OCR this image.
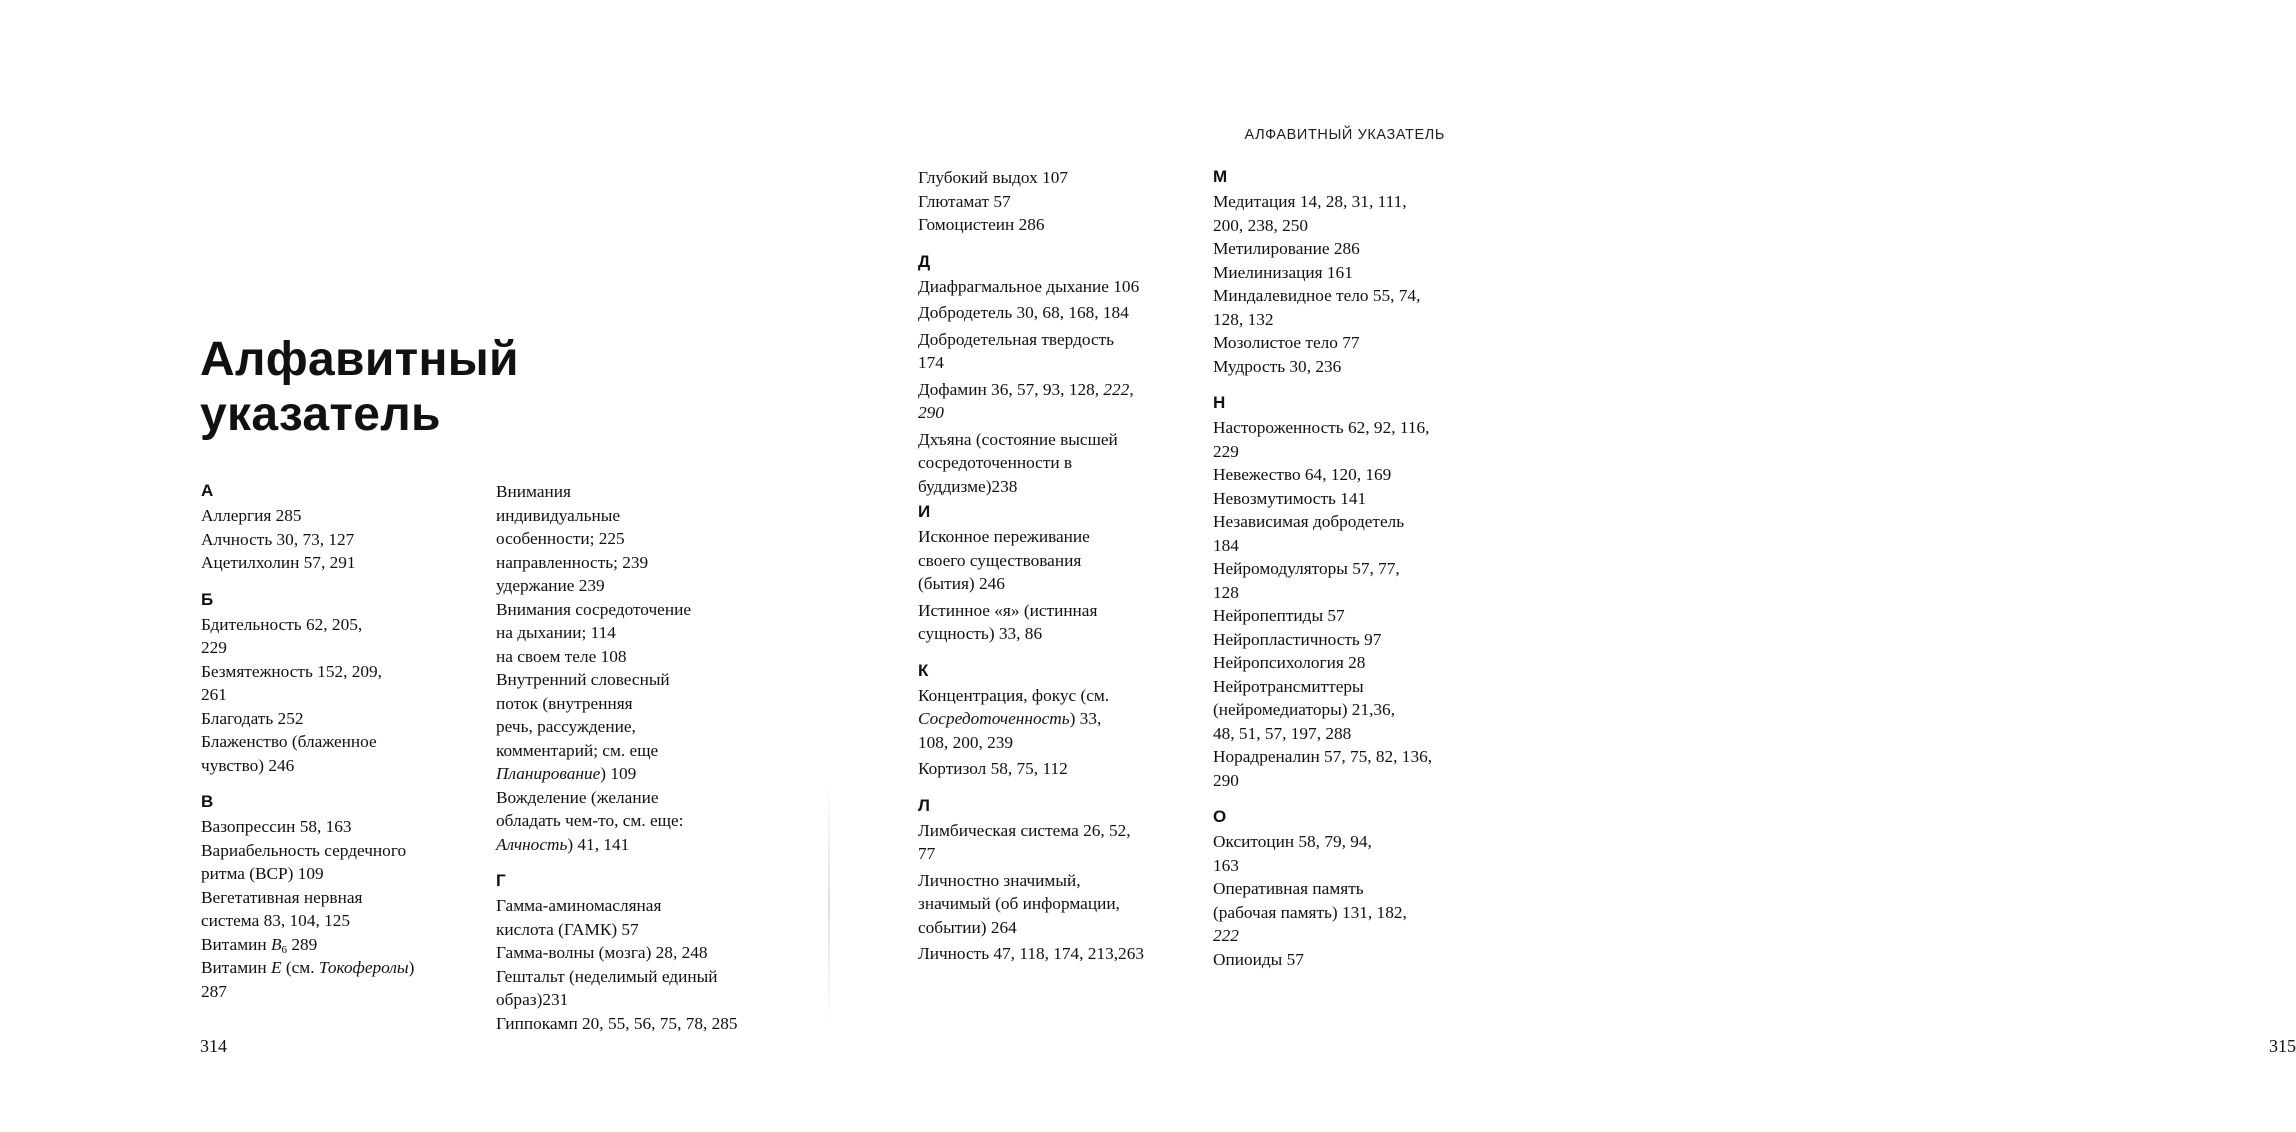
Алфавитный
указатель
А
Аллергия 285
Алчность 30, 73, 127
Ацетилхолин 57, 291
Б
Бдительность 62, 205,
229
Безмятежность 152, 209,
261
Благодать 252
Блаженство (блаженное
чувство) 246
В
Вазопрессин 58, 163
Вариабельность сердечного
ритма (ВСР) 109
Вегетативная нервная
система 83, 104, 125
Витамин $B_6$ 289
Витамин E (см. Токоферолы)
287
Внимания
индивидуальные
особенности; 225
направленность; 239
удержание 239
Внимания сосредоточение
на дыхании; 114
на своем теле 108
Внутренний словесный
поток (внутренняя
речь, рассуждение,
комментарий; см. еще
Планирование) 109
Вожделение (желание
обладать чем-то, см. еще:
Алчность) 41, 141
Г
Гамма-аминомасляная
кислота (ГАМК) 57
Гамма-волны (мозга) 28, 248
Гештальт (неделимый единый
образ)231
Гиппокамп 20, 55, 56, 75, 78, 285
314
АЛФАВИТНЫЙ УКАЗАТЕЛЬ
315
Глубокий выдох 107
Глютамат 57
Гомоцистеин 286
Д
Диафрагмальное дыхание 106
Добродетель 30, 68, 168, 184
Добродетельная твердость
174
Дофамин 36, 57, 93, 128, 222,
290
Дхъяна (состояние высшей
сосредоточенности в
буддизме)238
И
Исконное переживание
своего существования
(бытия) 246
Истинное «я» (истинная
сущность) 33, 86
К
Концентрация, фокус (см.
Сосредоточенность) 33,
108, 200, 239
Кортизол 58, 75, 112
Л
Лимбическая система 26, 52,
77
Личностно значимый,
значимый (об информации,
событии) 264
Личность 47, 118, 174, 213,263
М
Медитация 14, 28, 31, 111,
200, 238, 250
Метилирование 286
Миелинизация 161
Миндалевидное тело 55, 74,
128, 132
Мозолистое тело 77
Мудрость 30, 236
Н
Настороженность 62, 92, 116,
229
Невежество 64, 120, 169
Невозмутимость 141
Независимая добродетель
184
Нейромодуляторы 57, 77,
128
Нейропептиды 57
Нейропластичность 97
Нейропсихология 28
Нейротрансмиттеры
(нейромедиаторы) 21,36,
48, 51, 57, 197, 288
Норадреналин 57, 75, 82, 136,
290
О
Окситоцин 58, 79, 94,
163
Оперативная память
(рабочая память) 131, 182,
222
Опиоиды 57
